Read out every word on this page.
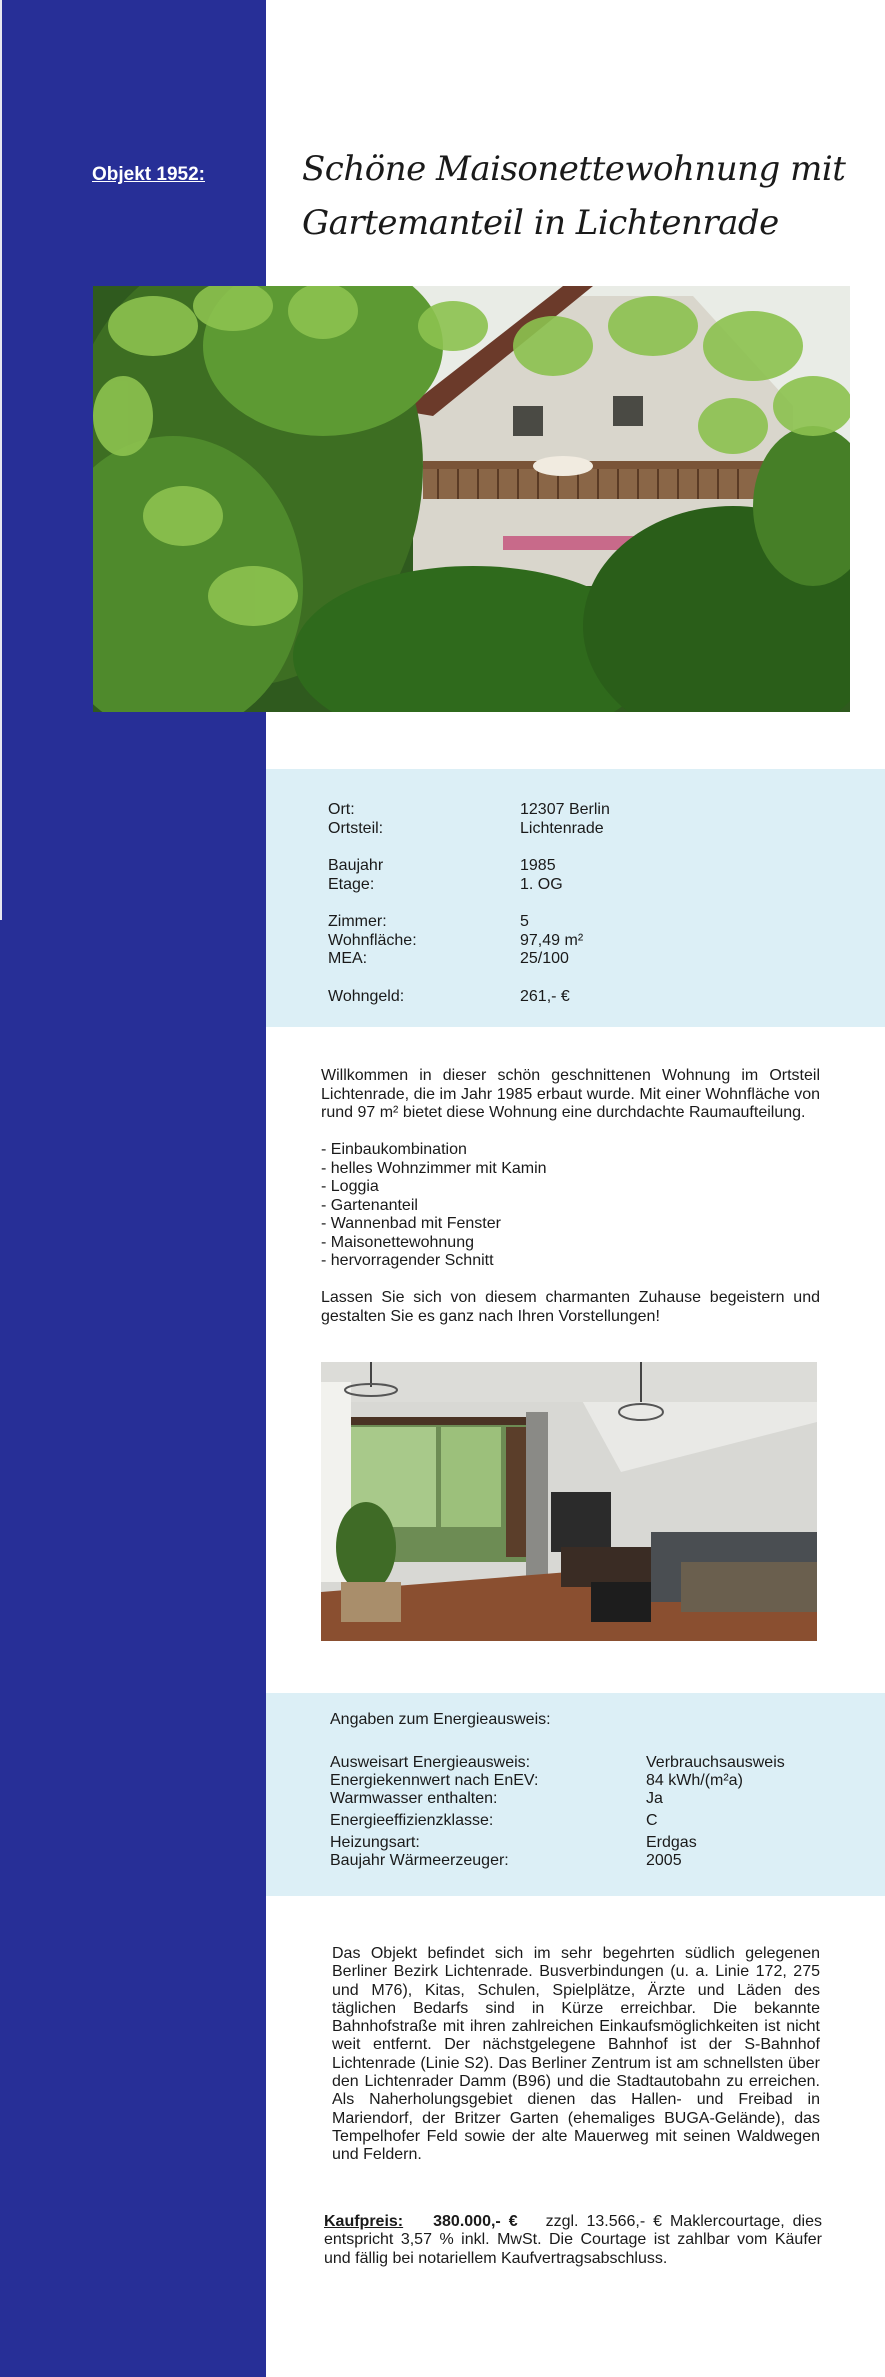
Objekt 1952:	Schöne Maisonettewohnung mit Gartemanteil in Lichtenrade
Ort:	12307 Berlin
Ortsteil:	Lichtenrade
Baujahr	1985
Etage:	1. OG
Zimmer:	5
Wohnfläche:	97,49 m²
MEA:	25/100
Wohngeld:	261,- €

Willkommen in dieser schön geschnittenen Wohnung im Ortsteil Lichtenrade, die im Jahr 1985 erbaut wurde. Mit einer Wohnfläche von rund 97 m² bietet diese Wohnung eine durchdachte Raumaufteilung.

- Einbaukombination
- helles Wohnzimmer mit Kamin
- Loggia
- Gartenanteil
- Wannenbad mit Fenster
- Maisonettewohnung
- hervorragender Schnitt

Lassen Sie sich von diesem charmanten Zuhause begeistern und gestalten Sie es ganz nach Ihren Vorstellungen!

Angaben zum Energieausweis:
Ausweisart Energieausweis:	Verbrauchsausweis
Energiekennwert nach EnEV:	84 kWh/(m²a)
Warmwasser enthalten:	Ja
Energieeffizienzklasse:	C
Heizungsart:	Erdgas
Baujahr Wärmeerzeuger:	2005
Das Objekt befindet sich im sehr begehrten südlich gelegenen Berliner Bezirk Lichtenrade. Busverbindungen (u. a. Linie 172, 275 und M76), Kitas, Schulen, Spielplätze, Ärzte und Läden des täglichen Bedarfs sind in Kürze erreichbar. Die bekannte Bahnhofstraße mit ihren zahlreichen Einkaufsmöglichkeiten ist nicht weit entfernt. Der nächstgelegene Bahnhof ist der S-Bahnhof Lichtenrade (Linie S2). Das Berliner Zentrum ist am schnellsten über den Lichtenrader Damm (B96) und die Stadtautobahn zu erreichen. Als Naherholungsgebiet dienen das Hallen- und Freibad in Mariendorf, der Britzer Garten (ehemaliges BUGA-Gelände), das Tempelhofer Feld sowie der alte Mauerweg mit seinen Waldwegen und Feldern.
Kaufpreis: 380.000,- € zzgl. 13.566,- € Maklercourtage, dies entspricht 3,57 % inkl. MwSt. Die Courtage ist zahlbar vom Käufer und fällig bei notariellem Kaufvertragsabschluss.
